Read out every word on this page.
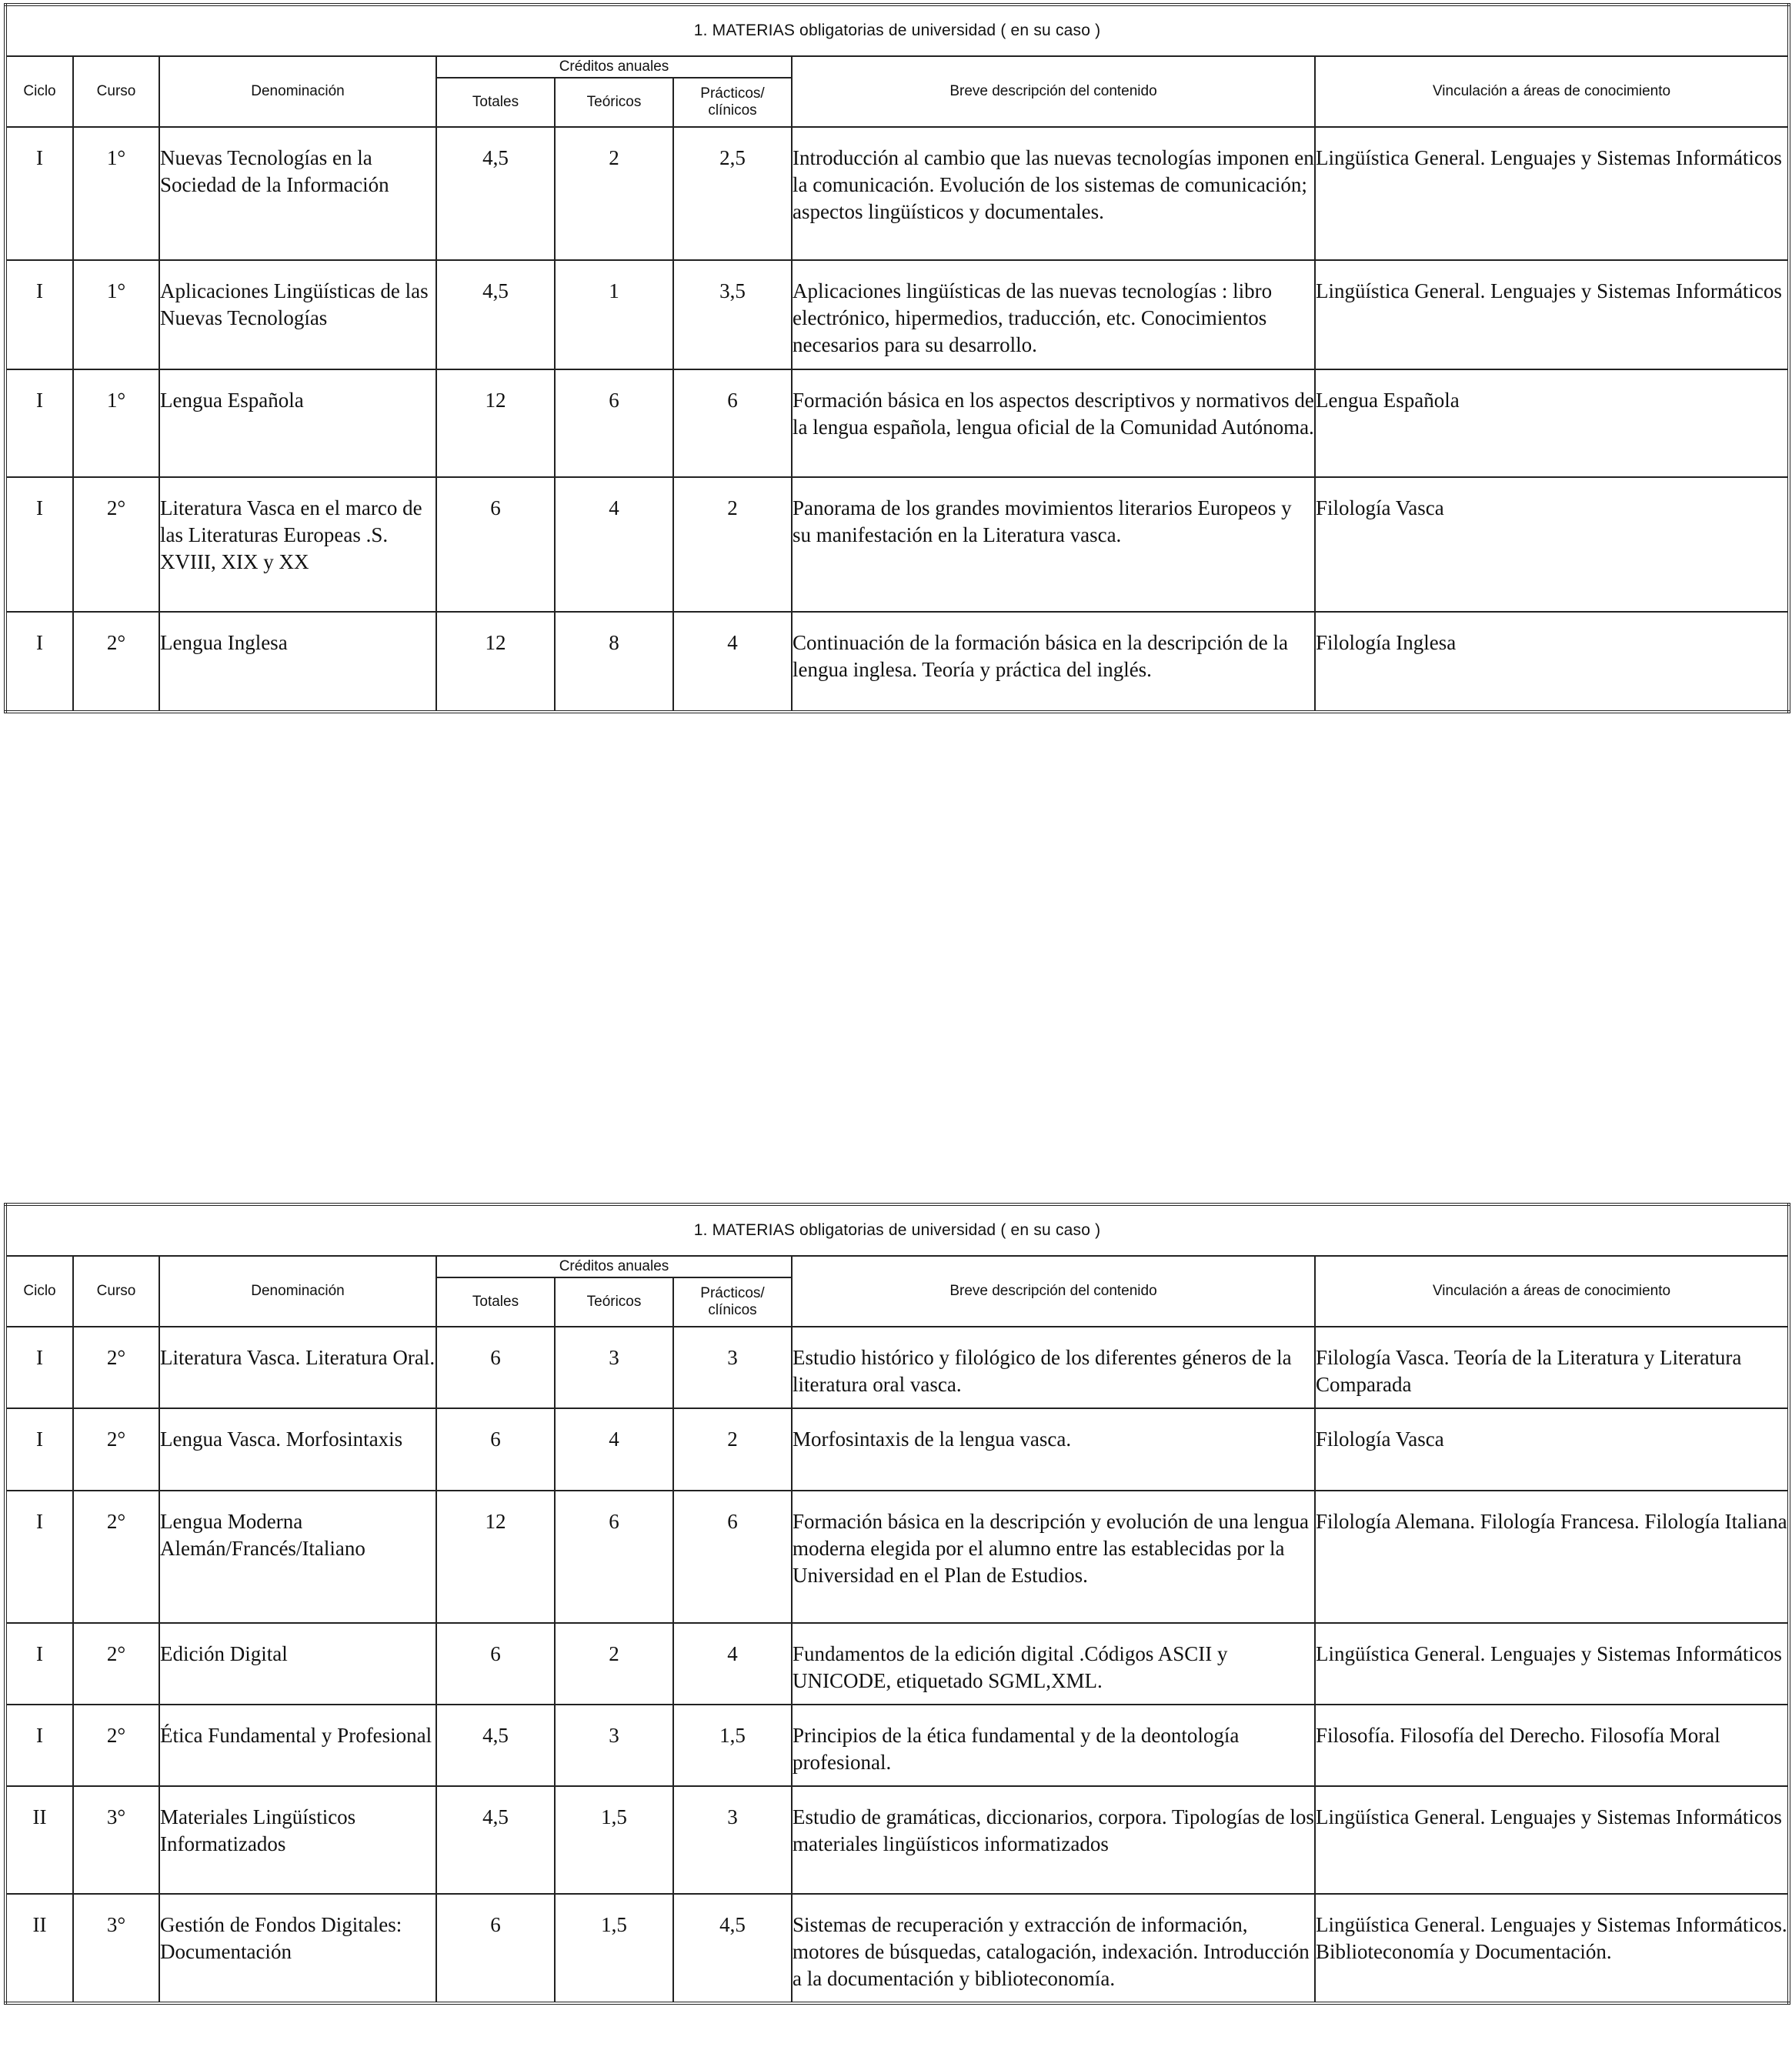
1. MATERIAS obligatorias de universidad ( en su caso )							
Ciclo	Curso	Denominación	Créditos anuales			Breve descripción del contenido	Vinculación a áreas de conocimiento
			Totales	Teóricos	Prácticos/ clínicos		
I	1°	Nuevas Tecnologías en la Sociedad de la Información	4,5	2	2,5	Introducción al cambio que las nuevas tecnologías imponen en la comunicación. Evolución de los sistemas de comunicación; aspectos lingüísticos y documentales.	Lingüística General. Lenguajes y Sistemas Informáticos
I	1°	Aplicaciones Lingüísticas de las Nuevas Tecnologías	4,5	1	3,5	Aplicaciones lingüísticas de las nuevas tecnologías : libro electrónico, hipermedios, traducción, etc. Conocimientos necesarios para su desarrollo.	Lingüística General. Lenguajes y Sistemas Informáticos
I	1°	Lengua Española	12	6	6	Formación básica en los aspectos descriptivos y normativos de la lengua española, lengua oficial de la Comunidad Autónoma.	Lengua Española
I	2°	Literatura Vasca en el marco de las Literaturas Europeas .S. XVIII, XIX y XX	6	4	2	Panorama de los grandes movimientos literarios Europeos y su manifestación en la Literatura vasca.	Filología Vasca
I	2°	Lengua Inglesa	12	8	4	Continuación de la formación básica en la descripción de la lengua inglesa. Teoría y práctica del inglés.	Filología Inglesa
1. MATERIAS obligatorias de universidad ( en su caso )							
Ciclo	Curso	Denominación	Créditos anuales			Breve descripción del contenido	Vinculación a áreas de conocimiento
			Totales	Teóricos	Prácticos/ clínicos		
I	2°	Literatura Vasca. Literatura Oral.	6	3	3	Estudio histórico y filológico de los diferentes géneros de la literatura oral vasca.	Filología Vasca. Teoría de la Literatura y Literatura Comparada
I	2°	Lengua Vasca. Morfosintaxis	6	4	2	Morfosintaxis de la lengua vasca.	Filología Vasca
I	2°	Lengua Moderna Alemán/Francés/Italiano	12	6	6	Formación básica en la descripción y evolución de una lengua moderna elegida por el alumno entre las establecidas por la Universidad en el Plan de Estudios.	Filología Alemana. Filología Francesa. Filología Italiana
I	2°	Edición Digital	6	2	4	Fundamentos de la edición digital .Códigos ASCII y UNICODE, etiquetado SGML,XML.	Lingüística General. Lenguajes y Sistemas Informáticos
I	2°	Ética Fundamental y Profesional	4,5	3	1,5	Principios de la ética fundamental y de la deontología profesional.	Filosofía. Filosofía del Derecho. Filosofía Moral
II	3°	Materiales Lingüísticos Informatizados	4,5	1,5	3	Estudio de gramáticas, diccionarios, corpora. Tipologías de los materiales lingüísticos informatizados	Lingüística General. Lenguajes y Sistemas Informáticos
II	3°	Gestión de Fondos Digitales: Documentación	6	1,5	4,5	Sistemas de recuperación y extracción de información, motores de búsquedas, catalogación, indexación. Introducción a la documentación y biblioteconomía.	Lingüística General. Lenguajes y Sistemas Informáticos. Biblioteconomía y Documentación.
